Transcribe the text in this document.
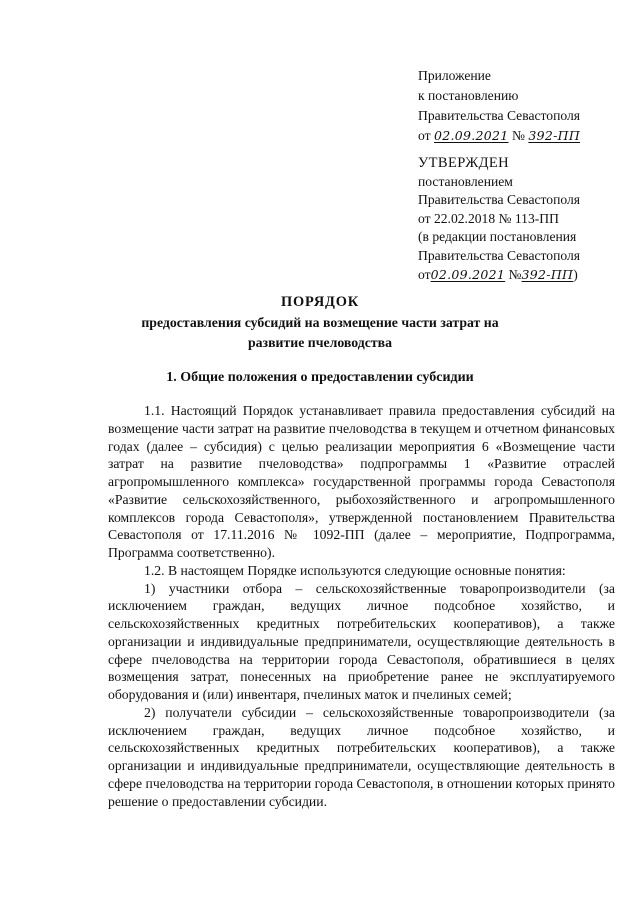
Приложение
к постановлению
Правительства Севастополя
от 02.09.2021 № 392-ПП
УТВЕРЖДЕН
постановлением
Правительства Севастополя
от 22.02.2018 № 113-ПП
(в редакции постановления
Правительства Севастополя
от02.09.2021 №392-ПП)
ПОРЯДОК
предоставления субсидий на возмещение части затрат на развитие пчеловодства
1. Общие положения о предоставлении субсидии

1.1. Настоящий Порядок устанавливает правила предоставления субсидий на возмещение части затрат на развитие пчеловодства в текущем и отчетном финансовых годах (далее – субсидия) с целью реализации мероприятия 6 «Возмещение части затрат на развитие пчеловодства» подпрограммы 1 «Развитие отраслей агропромышленного комплекса» государственной программы города Севастополя «Развитие сельскохозяйственного, рыбохозяйственного и агропромышленного комплексов города Севастополя», утвержденной постановлением Правительства Севастополя от 17.11.2016 № 1092-ПП (далее – мероприятие, Подпрограмма, Программа соответственно).

1.2. В настоящем Порядке используются следующие основные понятия:

1) участники отбора – сельскохозяйственные товаропроизводители (за исключением граждан, ведущих личное подсобное хозяйство, и сельскохозяйственных кредитных потребительских кооперативов), а также организации и индивидуальные предприниматели, осуществляющие деятельность в сфере пчеловодства на территории города Севастополя, обратившиеся в целях возмещения затрат, понесенных на приобретение ранее не эксплуатируемого оборудования и (или) инвентаря, пчелиных маток и пчелиных семей;

2) получатели субсидии – сельскохозяйственные товаропроизводители (за исключением граждан, ведущих личное подсобное хозяйство, и сельскохозяйственных кредитных потребительских кооперативов), а также организации и индивидуальные предприниматели, осуществляющие деятельность в сфере пчеловодства на территории города Севастополя, в отношении которых принято решение о предоставлении субсидии.
